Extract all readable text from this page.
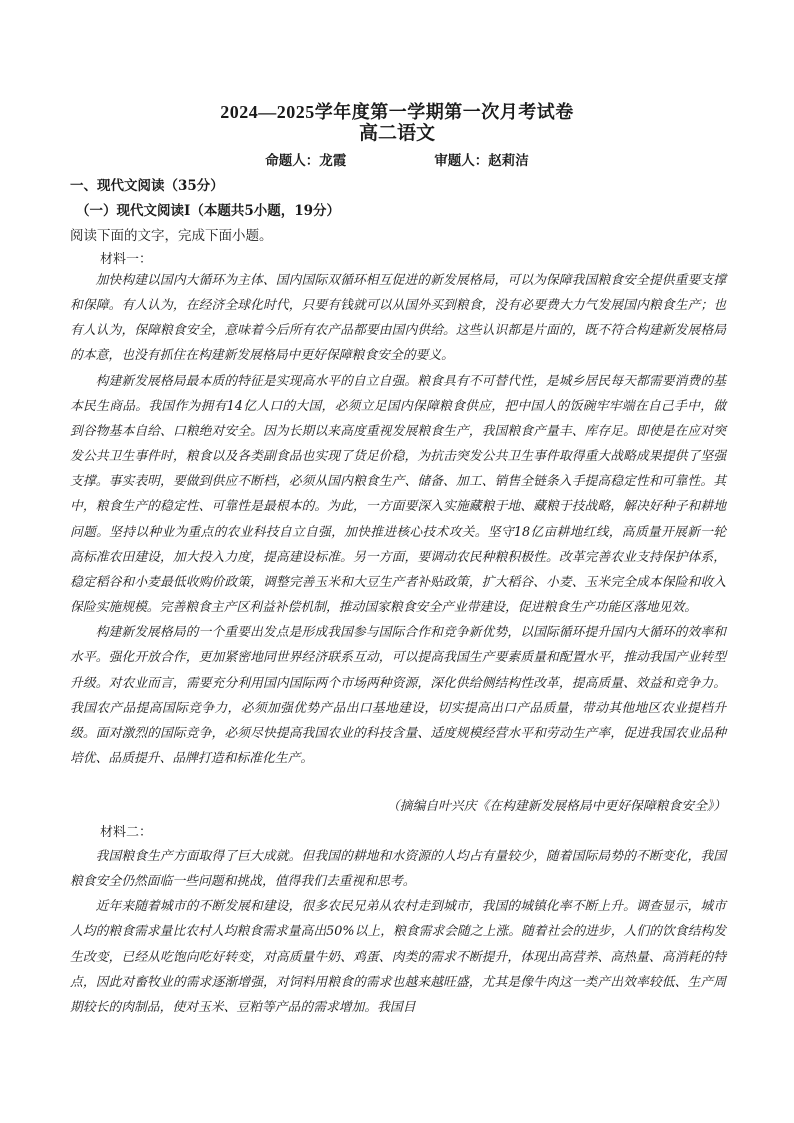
2024—2025学年度第一学期第一次月考试卷
高二语文
命题人：龙霞	审题人：赵莉洁
一、现代文阅读（35分）
（一）现代文阅读Ⅰ（本题共5小题，19分）
阅读下面的文字，完成下面小题。
材料一：

加快构建以国内大循环为主体、国内国际双循环相互促进的新发展格局，可以为保障我国粮食安全提供重要支撑和保障。有人认为，在经济全球化时代，只要有钱就可以从国外买到粮食，没有必要费大力气发展国内粮食生产；也有人认为，保障粮食安全，意味着今后所有农产品都要由国内供给。这些认识都是片面的，既不符合构建新发展格局的本意，也没有抓住在构建新发展格局中更好保障粮食安全的要义。

构建新发展格局最本质的特征是实现高水平的自立自强。粮食具有不可替代性，是城乡居民每天都需要消费的基本民生商品。我国作为拥有14亿人口的大国，必须立足国内保障粮食供应，把中国人的饭碗牢牢端在自己手中，做到谷物基本自给、口粮绝对安全。因为长期以来高度重视发展粮食生产，我国粮食产量丰、库存足。即使是在应对突发公共卫生事件时，粮食以及各类副食品也实现了货足价稳，为抗击突发公共卫生事件取得重大战略成果提供了坚强支撑。事实表明，要做到供应不断档，必须从国内粮食生产、储备、加工、销售全链条入手提高稳定性和可靠性。其中，粮食生产的稳定性、可靠性是最根本的。为此，一方面要深入实施藏粮于地、藏粮于技战略，解决好种子和耕地问题。坚持以种业为重点的农业科技自立自强，加快推进核心技术攻关。坚守18亿亩耕地红线，高质量开展新一轮高标准农田建设，加大投入力度，提高建设标准。另一方面，要调动农民种粮积极性。改革完善农业支持保护体系，稳定稻谷和小麦最低收购价政策，调整完善玉米和大豆生产者补贴政策，扩大稻谷、小麦、玉米完全成本保险和收入保险实施规模。完善粮食主产区利益补偿机制，推动国家粮食安全产业带建设，促进粮食生产功能区落地见效。

构建新发展格局的一个重要出发点是形成我国参与国际合作和竞争新优势，以国际循环提升国内大循环的效率和水平。强化开放合作，更加紧密地同世界经济联系互动，可以提高我国生产要素质量和配置水平，推动我国产业转型升级。对农业而言，需要充分利用国内国际两个市场两种资源，深化供给侧结构性改革，提高质量、效益和竞争力。我国农产品提高国际竞争力，必须加强优势产品出口基地建设，切实提高出口产品质量，带动其他地区农业提档升级。面对激烈的国际竞争，必须尽快提高我国农业的科技含量、适度规模经营水平和劳动生产率，促进我国农业品种培优、品质提升、品牌打造和标准化生产。

（摘编自叶兴庆《在构建新发展格局中更好保障粮食安全》）
材料二：

我国粮食生产方面取得了巨大成就。但我国的耕地和水资源的人均占有量较少，随着国际局势的不断变化，我国粮食安全仍然面临一些问题和挑战，值得我们去重视和思考。

近年来随着城市的不断发展和建设，很多农民兄弟从农村走到城市，我国的城镇化率不断上升。调查显示，城市人均的粮食需求量比农村人均粮食需求量高出50%以上，粮食需求会随之上涨。随着社会的进步，人们的饮食结构发生改变，已经从吃饱向吃好转变，对高质量牛奶、鸡蛋、肉类的需求不断提升，体现出高营养、高热量、高消耗的特点，因此对畜牧业的需求逐渐增强，对饲料用粮食的需求也越来越旺盛，尤其是像牛肉这一类产出效率较低、生产周期较长的肉制品，使对玉米、豆粕等产品的需求增加。我国目
